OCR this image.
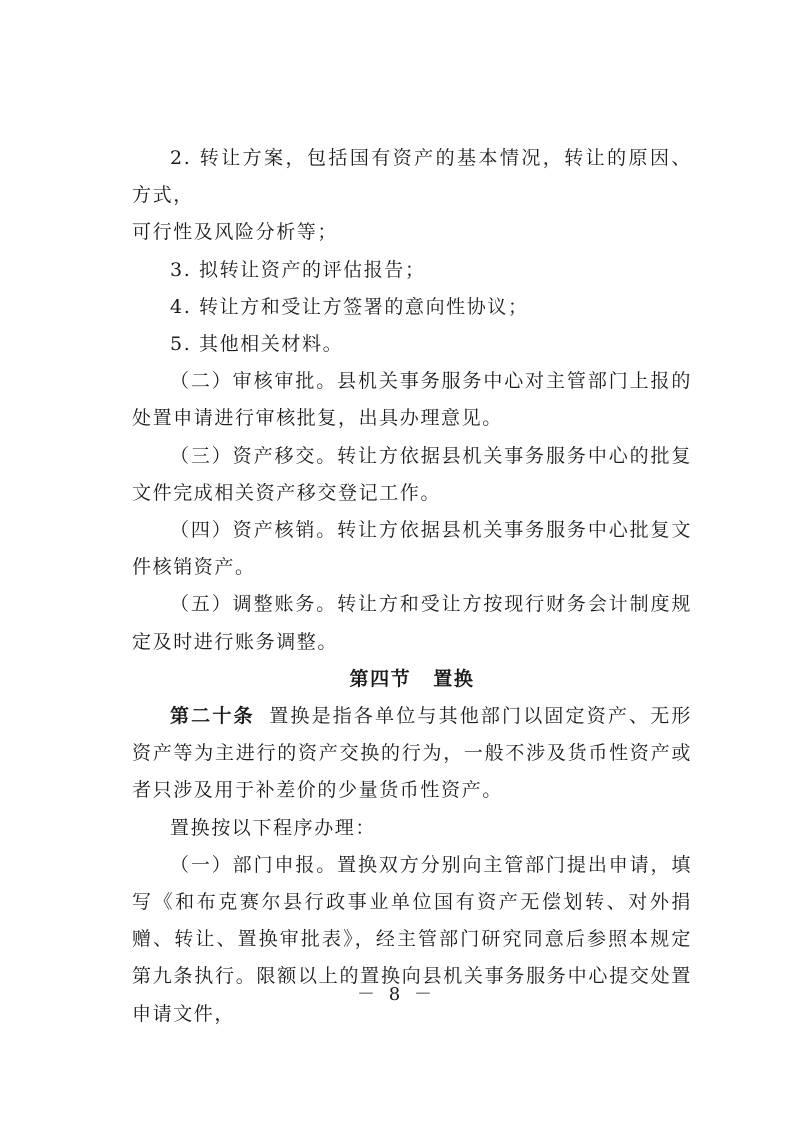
2. 转让方案，包括国有资产的基本情况，转让的原因、方式，

可行性及风险分析等；

3. 拟转让资产的评估报告；

4. 转让方和受让方签署的意向性协议；

5. 其他相关材料。

（二）审核审批。县机关事务服务中心对主管部门上报的处置申请进行审核批复，出具办理意见。

（三）资产移交。转让方依据县机关事务服务中心的批复文件完成相关资产移交登记工作。

（四）资产核销。转让方依据县机关事务服务中心批复文件核销资产。

（五）调整账务。转让方和受让方按现行财务会计制度规定及时进行账务调整。

第四节 置换

第二十条 置换是指各单位与其他部门以固定资产、无形资产等为主进行的资产交换的行为，一般不涉及货币性资产或者只涉及用于补差价的少量货币性资产。

置换按以下程序办理：

（一）部门申报。置换双方分别向主管部门提出申请，填写《和布克赛尔县行政事业单位国有资产无偿划转、对外捐赠、转让、置换审批表》，经主管部门研究同意后参照本规定第九条执行。限额以上的置换向县机关事务服务中心提交处置申请文件，

－ 8 －
